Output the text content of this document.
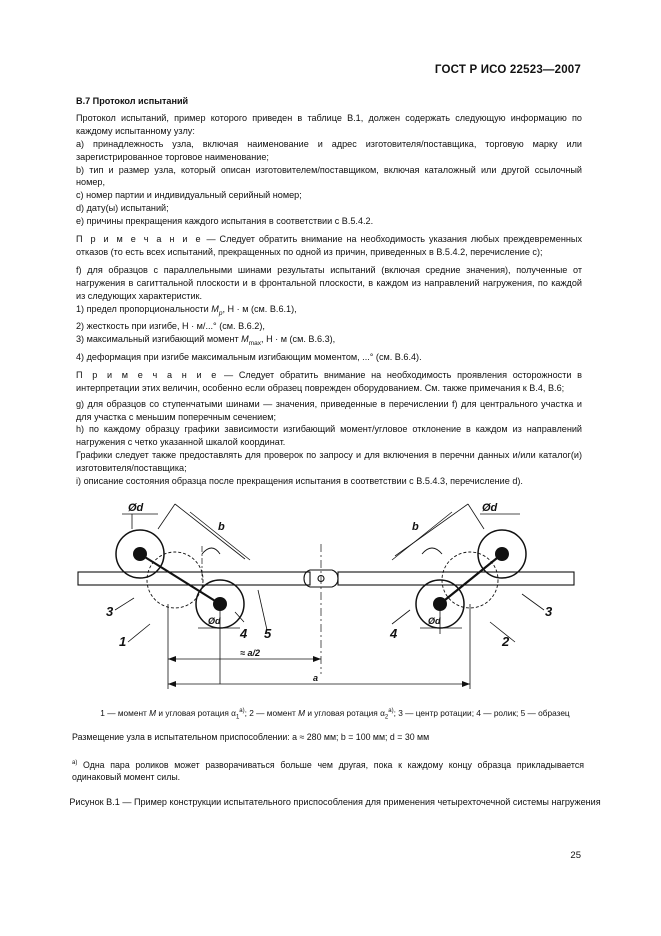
ГОСТ Р ИСО 22523—2007

B.7 Протокол испытаний

Протокол испытаний, пример которого приведен в таблице B.1, должен содержать следующую информацию по каждому испытанному узлу:

a) принадлежность узла, включая наименование и адрес изготовителя/поставщика, торговую марку или зарегистрированное торговое наименование;

b) тип и размер узла, который описан изготовителем/поставщиком, включая каталожный или другой ссылочный номер,

c) номер партии и индивидуальный серийный номер;

d) дату(ы) испытаний;

e) причины прекращения каждого испытания в соответствии с B.5.4.2.

П р и м е ч а н и е — Следует обратить внимание на необходимость указания любых преждевременных отказов (то есть всех испытаний, прекращенных по одной из причин, приведенных в B.5.4.2, перечисление c);

f) для образцов с параллельными шинами результаты испытаний (включая средние значения), полученные от нагружения в сагиттальной плоскости и в фронтальной плоскости, в каждом из направлений нагружения, по каждой из следующих характеристик.

1) предел пропорциональности $M_p$, Н · м (см. B.6.1),

2) жесткость при изгибе, Н · м/...° (см. B.6.2),

3) максимальный изгибающий момент $M_{max}$, Н · м (см. B.6.3),

4) деформация при изгибе максимальным изгибающим моментом, ...° (см. B.6.4).

П р и м е ч а н и е — Следует обратить внимание на необходимость проявления осторожности в интерпретации этих величин, особенно если образец поврежден оборудованием. См. также примечания к B.4, B.6;

g) для образцов со ступенчатыми шинами — значения, приведенные в перечислении f) для центрального участка и для участка с меньшим поперечным сечением;

h) по каждому образцу графики зависимости изгибающий момент/угловое отклонение в каждом из направлений нагружения с четко указанной шкалой координат.

Графики следует также предоставлять для проверок по запросу и для включения в перечни данных и/или каталог(и) изготовителя/поставщика;

i) описание состояния образца после прекращения испытания в соответствии с B.5.4.3, перечисление d).

Ød
Ød
Ød
Ød
b	b
≈ a/2
a
1	2
3	3
4	4
5
1 — момент M и угловая ротация $\alpha_1^{a)}$; 2 — момент M и угловая ротация $\alpha_2^{a)}$; 3 — центр ротации; 4 — ролик; 5 — образец
Размещение узла в испытательном приспособлении: a ≈ 280 мм; b = 100 мм; d = 30 мм
$^{a)}$ Одна пара роликов может разворачиваться больше чем другая, пока к каждому концу образца прикладывается одинаковый момент силы.
Рисунок B.1 — Пример конструкции испытательного приспособления для применения четырехточечной системы нагружения
25
